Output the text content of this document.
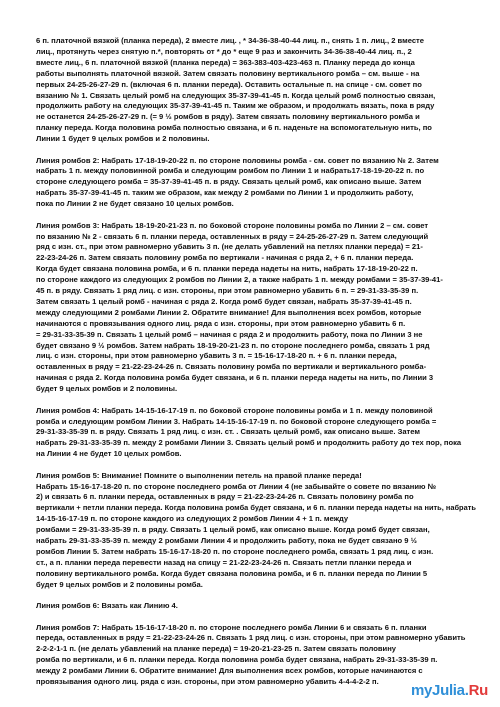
6 п. платочной вязкой (планка переда), 2 вместе лиц. , * 34-36-38-40-44 лиц. п., снять 1 п. лиц., 2 вместе
лиц., протянуть через снятую п.*, повторять от * до * еще 9 раз и закончить 34-36-38-40-44 лиц. п., 2
вместе лиц., 6 п. платочной вязкой (планка переда) = 363-383-403-423-463 п. Планку переда до конца
работы выполнять платочной вязкой. Затем связать половину вертикального ромба – см. выше - на
первых 24-25-26-27-29 п. (включая 6 п. планки переда). Оставить остальные п. на спице - см. совет по
вязанию № 1. Связать целый ромб на следующих 35-37-39-41-45 п. Когда целый ромб полностью связан,
продолжить работу на следующих 35-37-39-41-45 п. Таким же образом, и продолжать вязать, пока в ряду
не останется 24-25-26-27-29 п. (= 9 ½ ромбов в ряду). Затем связать половину вертикального ромба и
планку переда. Когда половина ромба полностью связана, и 6 п. наденьте на вспомогательную нить, по
Линии 1 будет 9 целых ромбов и 2 половины.
Линия ромбов 2: Набрать 17-18-19-20-22 п. по стороне половины ромба - см. совет по вязанию № 2. Затем
набрать 1 п. между половинной ромба и следующим ромбом по Линии 1 и набрать17-18-19-20-22 п. по
стороне следующего ромба = 35-37-39-41-45 п. в ряду. Связать целый ромб, как описано выше. Затем
набрать 35-37-39-41-45 п. таким же образом, как между 2 ромбами по Линии 1 и продолжить работу,
пока по Линии 2 не будет связано 10 целых ромбов.
Линия ромбов 3: Набрать 18-19-20-21-23 п. по боковой стороне половины ромба по Линии 2 – см. совет
по вязанию № 2 - связать 6 п. планки переда, оставленных в ряду = 24-25-26-27-29 п. Затем следующий
ряд с изн. ст., при этом равномерно убавить 3 п. (не делать убавлений на петлях планки переда) = 21-
22-23-24-26 п. Затем связать половину ромба по вертикали - начиная с ряда 2, + 6 п. планки переда.
Когда будет связана половина ромба, и 6 п. планки переда надеты на нить, набрать 17-18-19-20-22 п.
по стороне каждого из следующих 2 ромбов по Линии 2, а также набрать 1 п. между ромбами = 35-37-39-41-
45 п. в ряду. Связать 1 ряд лиц. с изн. стороны, при этом равномерно убавить 6 п. = 29-31-33-35-39 п.
Затем связать 1 целый ромб - начиная с ряда 2. Когда ромб будет связан, набрать 35-37-39-41-45 п.
между следующими 2 ромбами Линии 2. Обратите внимание! Для выполнения всех ромбов, которые
начинаются с провязывания одного лиц. ряда с изн. стороны, при этом равномерно убавить 6 п.
= 29-31-33-35-39 п. Связать 1 целый ромб – начиная с ряда 2 и продолжить работу, пока по Линии 3 не
будет связано 9 ½ ромбов. Затем набрать 18-19-20-21-23 п. по стороне последнего ромба, связать 1 ряд
лиц. с изн. стороны, при этом равномерно убавить 3 п. = 15-16-17-18-20 п. + 6 п. планки переда,
оставленных в ряду = 21-22-23-24-26 п. Связать половину ромба по вертикали и вертикального ромба-
начиная с ряда 2. Когда половина ромба будет связана, и 6 п. планки переда надеты на нить, по Линии 3
будет 9 целых ромбов и 2 половины.
Линия ромбов 4: Набрать 14-15-16-17-19 п. по боковой стороне половины ромба и 1 п. между половиной
ромба и следующим ромбом Линии 3. Набрать 14-15-16-17-19 п. по боковой стороне следующего ромба =
29-31-33-35-39 п. в ряду. Связать 1 ряд лиц. с изн. ст. . Связать целый ромб, как описано выше. Затем
набрать 29-31-33-35-39 п. между 2 ромбами Линии 3. Связать целый ромб и продолжить работу до тех пор, пока
на Линии 4 не будет 10 целых ромбов.
Линия ромбов 5: Внимание! Помните о выполнении петель на правой планке переда!
Набрать 15-16-17-18-20 п. по стороне последнего ромба от Линии 4 (не забывайте о совете по вязанию №
2) и связать 6 п. планки переда, оставленных в ряду = 21-22-23-24-26 п. Связать половину ромба по
вертикали + петли планки переда. Когда половина ромба будет связана, и 6 п. планки переда надеты на нить, набрать
14-15-16-17-19 п. по стороне каждого из следующих 2 ромбов Линии 4 + 1 п. между
ромбами = 29-31-33-35-39 п. в ряду. Связать 1 целый ромб, как описано выше. Когда ромб будет связан,
набрать 29-31-33-35-39 п. между 2 ромбами Линии 4 и продолжить работу, пока не будет связано 9 ½
ромбов Линии 5. Затем набрать 15-16-17-18-20 п. по стороне последнего ромба, связать 1 ряд лиц. с изн.
ст., а п. планки переда перевести назад на спицу = 21-22-23-24-26 п. Связать петли планки переда и
половину вертикального ромба. Когда будет связана половина ромба, и 6 п. планки переда по Линии 5
будет 9 целых ромбов и 2 половины ромба.
Линия ромбов 6: Вязать как Линию 4.
Линия ромбов 7: Набрать 15-16-17-18-20 п. по стороне последнего ромба Линии 6 и связать 6 п. планки
переда, оставленных в ряду = 21-22-23-24-26 п. Связать 1 ряд лиц. с изн. стороны, при этом равномерно убавить
2-2-2-1-1 п. (не делать убавлений на планке переда) = 19-20-21-23-25 п. Затем связать половину
ромба по вертикали, и 6 п. планки переда. Когда половина ромба будет связана, набрать 29-31-33-35-39 п.
между 2 ромбами Линии 6. Обратите внимание! Для выполнения всех ромбов, которые начинаются с
провязывания одного лиц. ряда с изн. стороны, при этом равномерно убавить 4-4-4-2-2 п.
myJulia.Ru
